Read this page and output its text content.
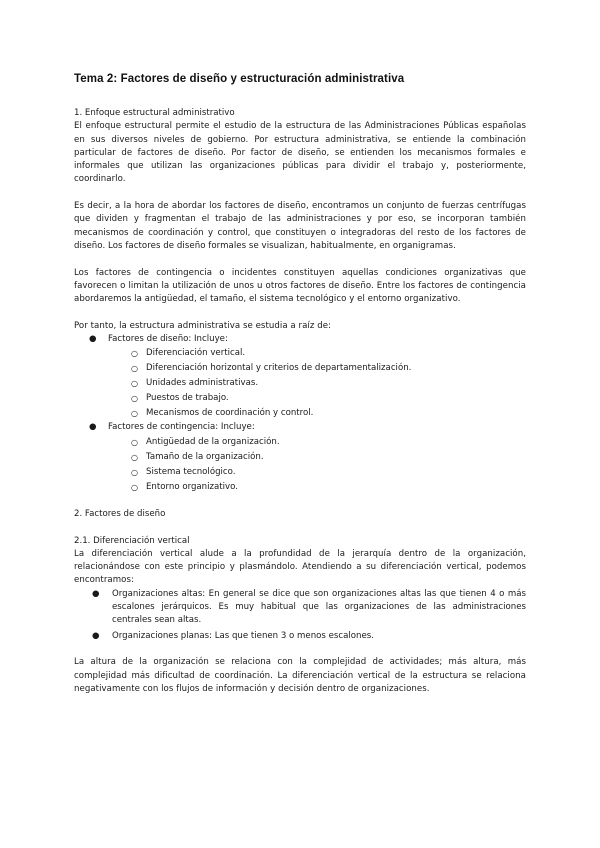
Tema 2: Factores de diseño y estructuración administrativa
1. Enfoque estructural administrativo

El enfoque estructural permite el estudio de la estructura de las Administraciones Públicas españolas en sus diversos niveles de gobierno. Por estructura administrativa, se entiende la combinación particular de factores de diseño. Por factor de diseño, se entienden los mecanismos formales e informales que utilizan las organizaciones públicas para dividir el trabajo y, posteriormente, coordinarlo.

Es decir, a la hora de abordar los factores de diseño, encontramos un conjunto de fuerzas centrífugas que dividen y fragmentan el trabajo de las administraciones y por eso, se incorporan también mecanismos de coordinación y control, que constituyen o integradoras del resto de los factores de diseño. Los factores de diseño formales se visualizan, habitualmente, en organigramas.

Los factores de contingencia o incidentes constituyen aquellas condiciones organizativas que favorecen o limitan la utilización de unos u otros factores de diseño. Entre los factores de contingencia abordaremos la antigüedad, el tamaño, el sistema tecnológico y el entorno organizativo.

Por tanto, la estructura administrativa se estudia a raíz de:

● Factores de diseño: Incluye:
○ Diferenciación vertical.
○ Diferenciación horizontal y criterios de departamentalización.
○ Unidades administrativas.
○ Puestos de trabajo.
○ Mecanismos de coordinación y control.
● Factores de contingencia: Incluye:
○ Antigüedad de la organización.
○ Tamaño de la organización.
○ Sistema tecnológico.
○ Entorno organizativo.
2. Factores de diseño
2.1. Diferenciación vertical

La diferenciación vertical alude a la profundidad de la jerarquía dentro de la organización, relacionándose con este principio y plasmándolo. Atendiendo a su diferenciación vertical, podemos encontramos:

● Organizaciones altas: En general se dice que son organizaciones altas las que tienen 4 o más escalones jerárquicos. Es muy habitual que las organizaciones de las administraciones centrales sean altas.
● Organizaciones planas: Las que tienen 3 o menos escalones.

La altura de la organización se relaciona con la complejidad de actividades; más altura, más complejidad más dificultad de coordinación. La diferenciación vertical de la estructura se relaciona negativamente con los flujos de información y decisión dentro de organizaciones.
